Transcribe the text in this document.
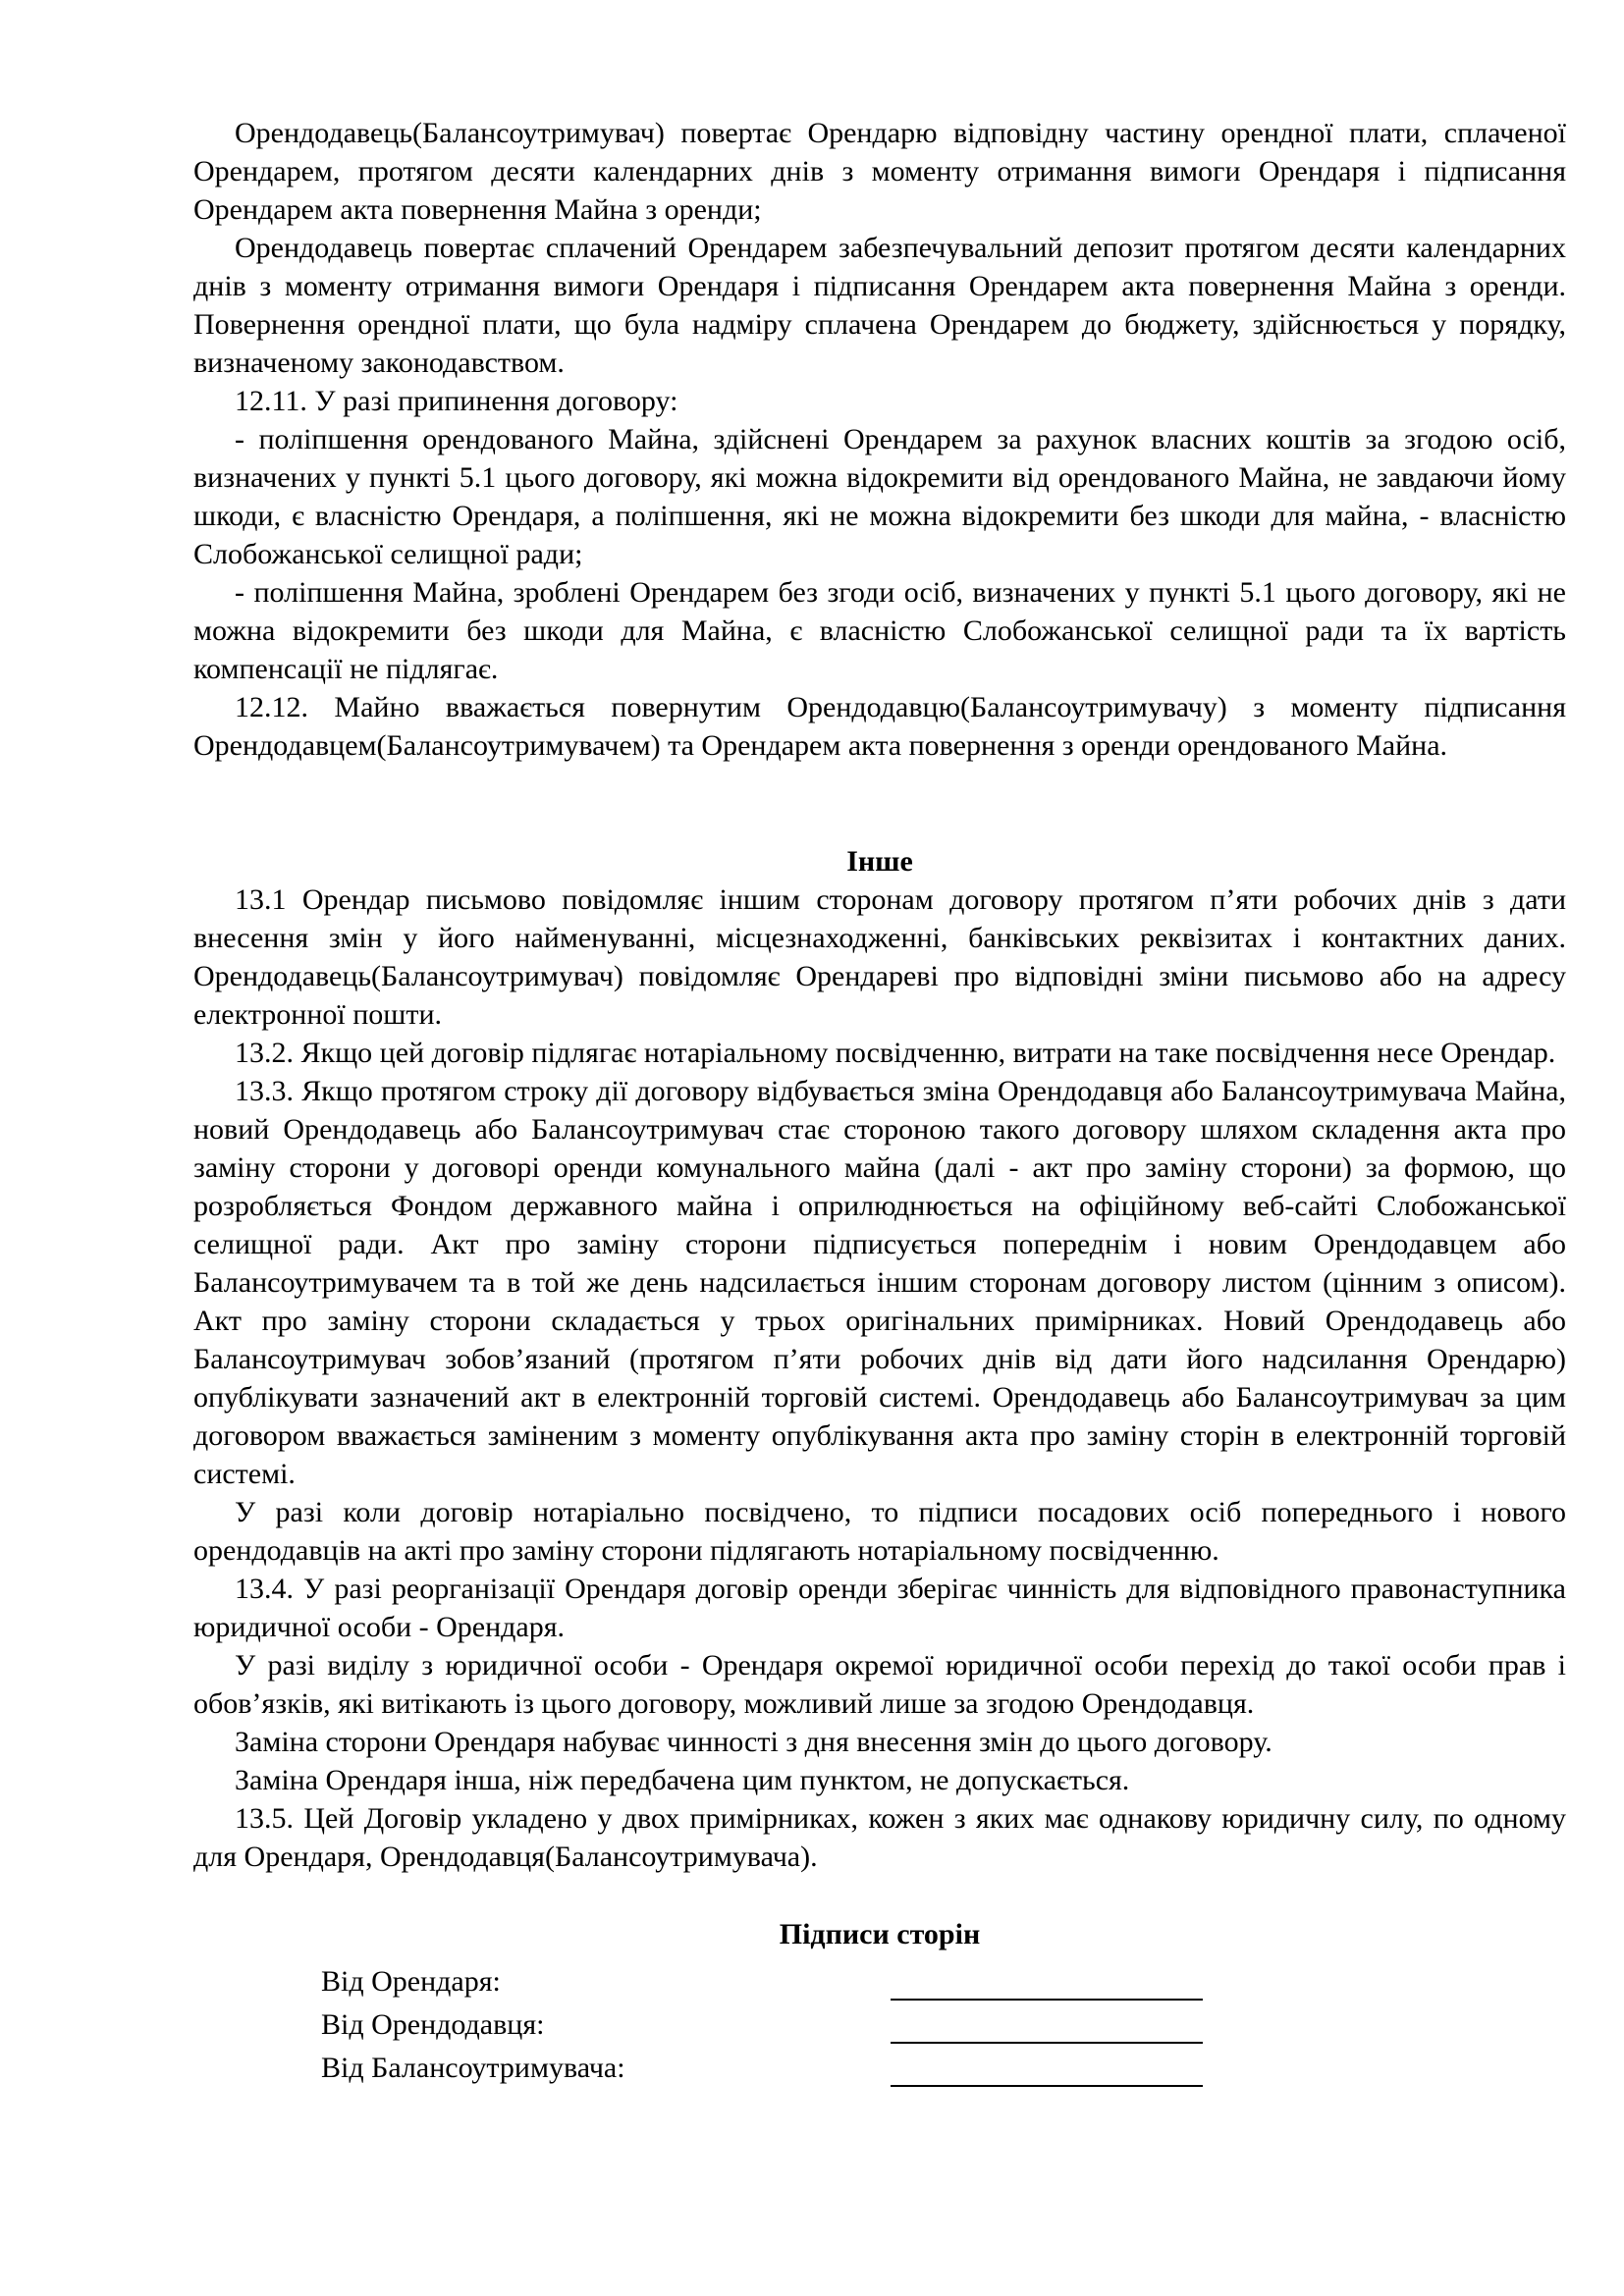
Орендодавець(Балансоутримувач) повертає Орендарю відповідну частину орендної плати, сплаченої Орендарем, протягом десяти календарних днів з моменту отримання вимоги Орендаря і підписання Орендарем акта повернення Майна з оренди;

Орендодавець повертає сплачений Орендарем забезпечувальний депозит протягом десяти календарних днів з моменту отримання вимоги Орендаря і підписання Орендарем акта повернення Майна з оренди. Повернення орендної плати, що була надміру сплачена Орендарем до бюджету, здійснюється у порядку, визначеному законодавством.

12.11. У разі припинення договору:

- поліпшення орендованого Майна, здійснені Орендарем за рахунок власних коштів за згодою осіб, визначених у пункті 5.1 цього договору, які можна відокремити від орендованого Майна, не завдаючи йому шкоди, є власністю Орендаря, а поліпшення, які не можна відокремити без шкоди для майна, - власністю Слобожанської селищної ради;

- поліпшення Майна, зроблені Орендарем без згоди осіб, визначених у пункті 5.1 цього договору, які не можна відокремити без шкоди для Майна, є власністю Слобожанської селищної ради та їх вартість компенсації не підлягає.

12.12. Майно вважається повернутим Орендодавцю(Балансоутримувачу) з моменту підписання Орендодавцем(Балансоутримувачем) та Орендарем акта повернення з оренди орендованого Майна.

Інше

13.1 Орендар письмово повідомляє іншим сторонам договору протягом п’яти робочих днів з дати внесення змін у його найменуванні, місцезнаходженні, банківських реквізитах і контактних даних. Орендодавець(Балансоутримувач) повідомляє Орендареві про відповідні зміни письмово або на адресу електронної пошти.

13.2. Якщо цей договір підлягає нотаріальному посвідченню, витрати на таке посвідчення несе Орендар.

13.3. Якщо протягом строку дії договору відбувається зміна Орендодавця або Балансоутримувача Майна, новий Орендодавець або Балансоутримувач стає стороною такого договору шляхом складення акта про заміну сторони у договорі оренди комунального майна (далі - акт про заміну сторони) за формою, що розробляється Фондом державного майна і оприлюднюється на офіційному веб-сайті Слобожанської селищної ради. Акт про заміну сторони підписується попереднім і новим Орендодавцем або Балансоутримувачем та в той же день надсилається іншим сторонам договору листом (цінним з описом). Акт про заміну сторони складається у трьох оригінальних примірниках. Новий Орендодавець або Балансоутримувач зобов’язаний (протягом п’яти робочих днів від дати його надсилання Орендарю) опублікувати зазначений акт в електронній торговій системі. Орендодавець або Балансоутримувач за цим договором вважається заміненим з моменту опублікування акта про заміну сторін в електронній торговій системі.

У разі коли договір нотаріально посвідчено, то підписи посадових осіб попереднього і нового орендодавців на акті про заміну сторони підлягають нотаріальному посвідченню.

13.4. У разі реорганізації Орендаря договір оренди зберігає чинність для відповідного правонаступника юридичної особи - Орендаря.

У разі виділу з юридичної особи - Орендаря окремої юридичної особи перехід до такої особи прав і обов’язків, які витікають із цього договору, можливий лише за згодою Орендодавця.

Заміна сторони Орендаря набуває чинності з дня внесення змін до цього договору.

Заміна Орендаря інша, ніж передбачена цим пунктом, не допускається.

13.5. Цей Договір укладено у двох примірниках, кожен з яких має однакову юридичну силу, по одному для Орендаря, Орендодавця(Балансоутримувача).

Підписи сторін

Від Орендаря:
Від Орендодавця:
Від Балансоутримувача:
